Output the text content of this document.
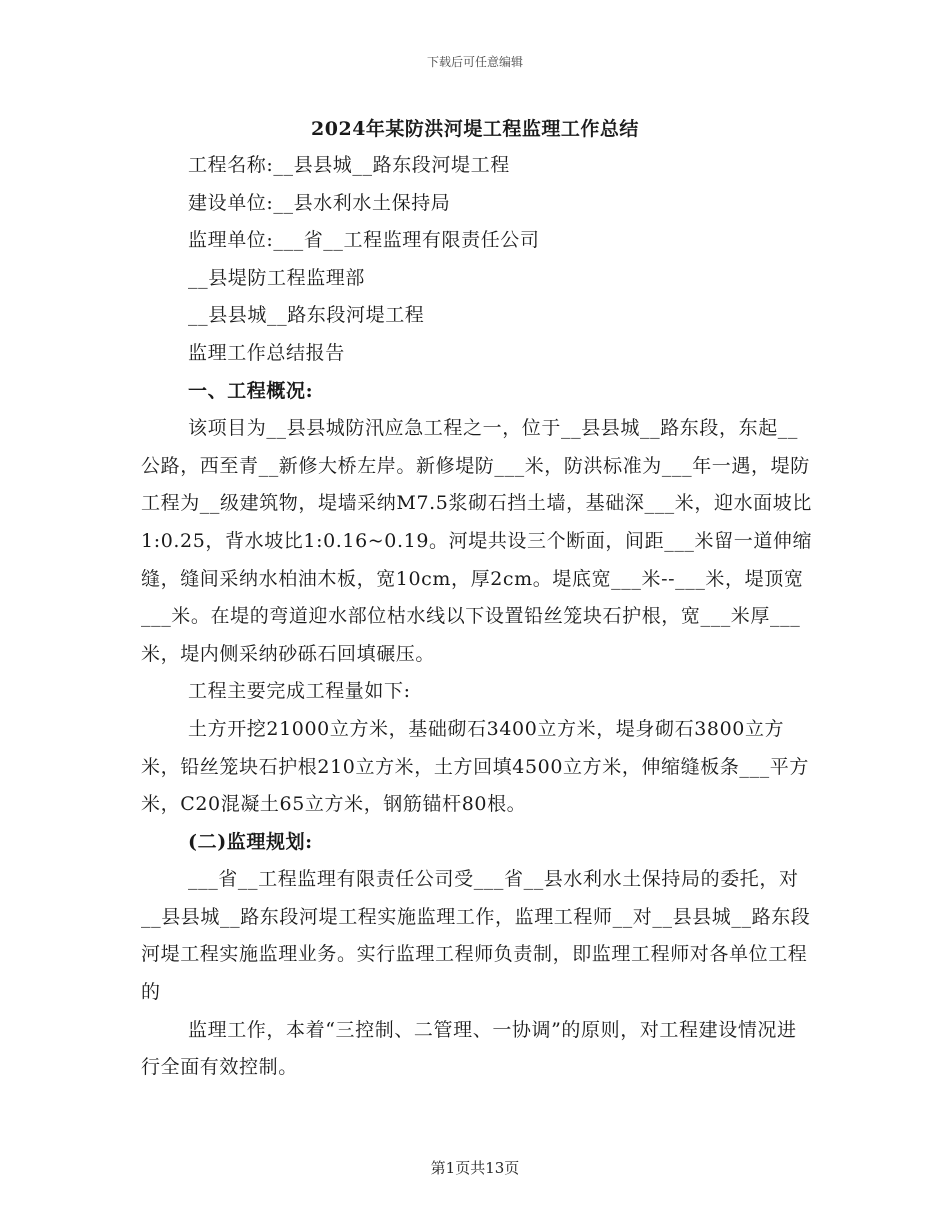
下载后可任意编辑
2024年某防洪河堤工程监理工作总结

工程名称:__县县城__路东段河堤工程

建设单位:__县水利水土保持局

监理单位:___省__工程监理有限责任公司

__县堤防工程监理部

__县县城__路东段河堤工程

监理工作总结报告

一、工程概况:

该项目为__县县城防汛应急工程之一，位于__县县城__路东段，东起__公路，西至青__新修大桥左岸。新修堤防___米，防洪标准为___年一遇，堤防工程为__级建筑物，堤墙采纳M7.5浆砌石挡土墙，基础深___米，迎水面坡比1:0.25，背水坡比1:0.16~0.19。河堤共设三个断面，间距___米留一道伸缩缝，缝间采纳水柏油木板，宽10cm，厚2cm。堤底宽___米--___米，堤顶宽___米。在堤的弯道迎水部位枯水线以下设置铅丝笼块石护根，宽___米厚___米，堤内侧采纳砂砾石回填碾压。

工程主要完成工程量如下:

土方开挖21000立方米，基础砌石3400立方米，堤身砌石3800立方米，铅丝笼块石护根210立方米，土方回填4500立方米，伸缩缝板条___平方米，C20混凝土65立方米，钢筋锚杆80根。

(二)监理规划:

___省__工程监理有限责任公司受___省__县水利水土保持局的委托，对__县县城__路东段河堤工程实施监理工作，监理工程师__对__县县城__路东段河堤工程实施监理业务。实行监理工程师负责制，即监理工程师对各单位工程的

监理工作，本着“三控制、二管理、一协调”的原则，对工程建设情况进行全面有效控制。

第1页共13页
